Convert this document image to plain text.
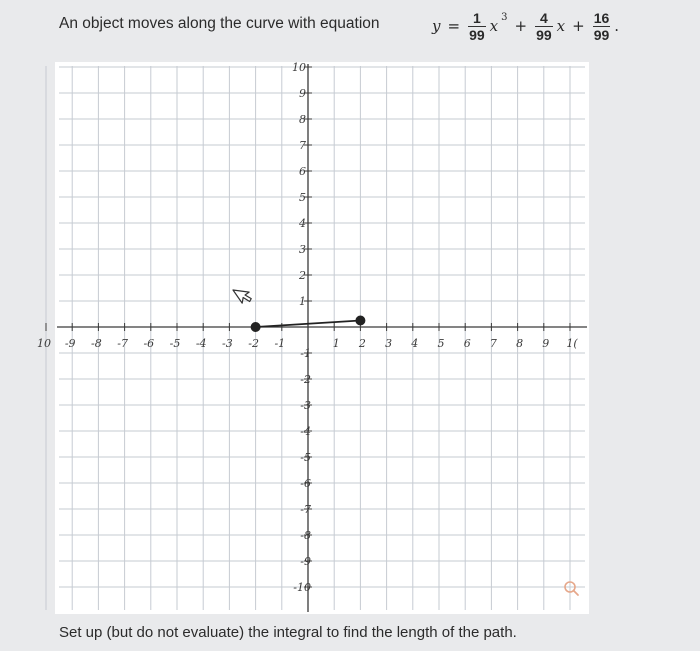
An object moves along the curve with equation	$y = \frac{1}{99}$ x $3 + \frac{4}{99}$ $x + \frac{16}{99}$ .
10 -9 -8 -7 -6 -5 -4 -3 -2 -1	1 2 3 4 5 6 7 8 9 1(
10
9
8
7
6
5
4
3
2
1
-1
-2
-3
-4
-5
-6
-7
-8
-9
-10
Set up (but do not evaluate) the integral to find the length of the path.
